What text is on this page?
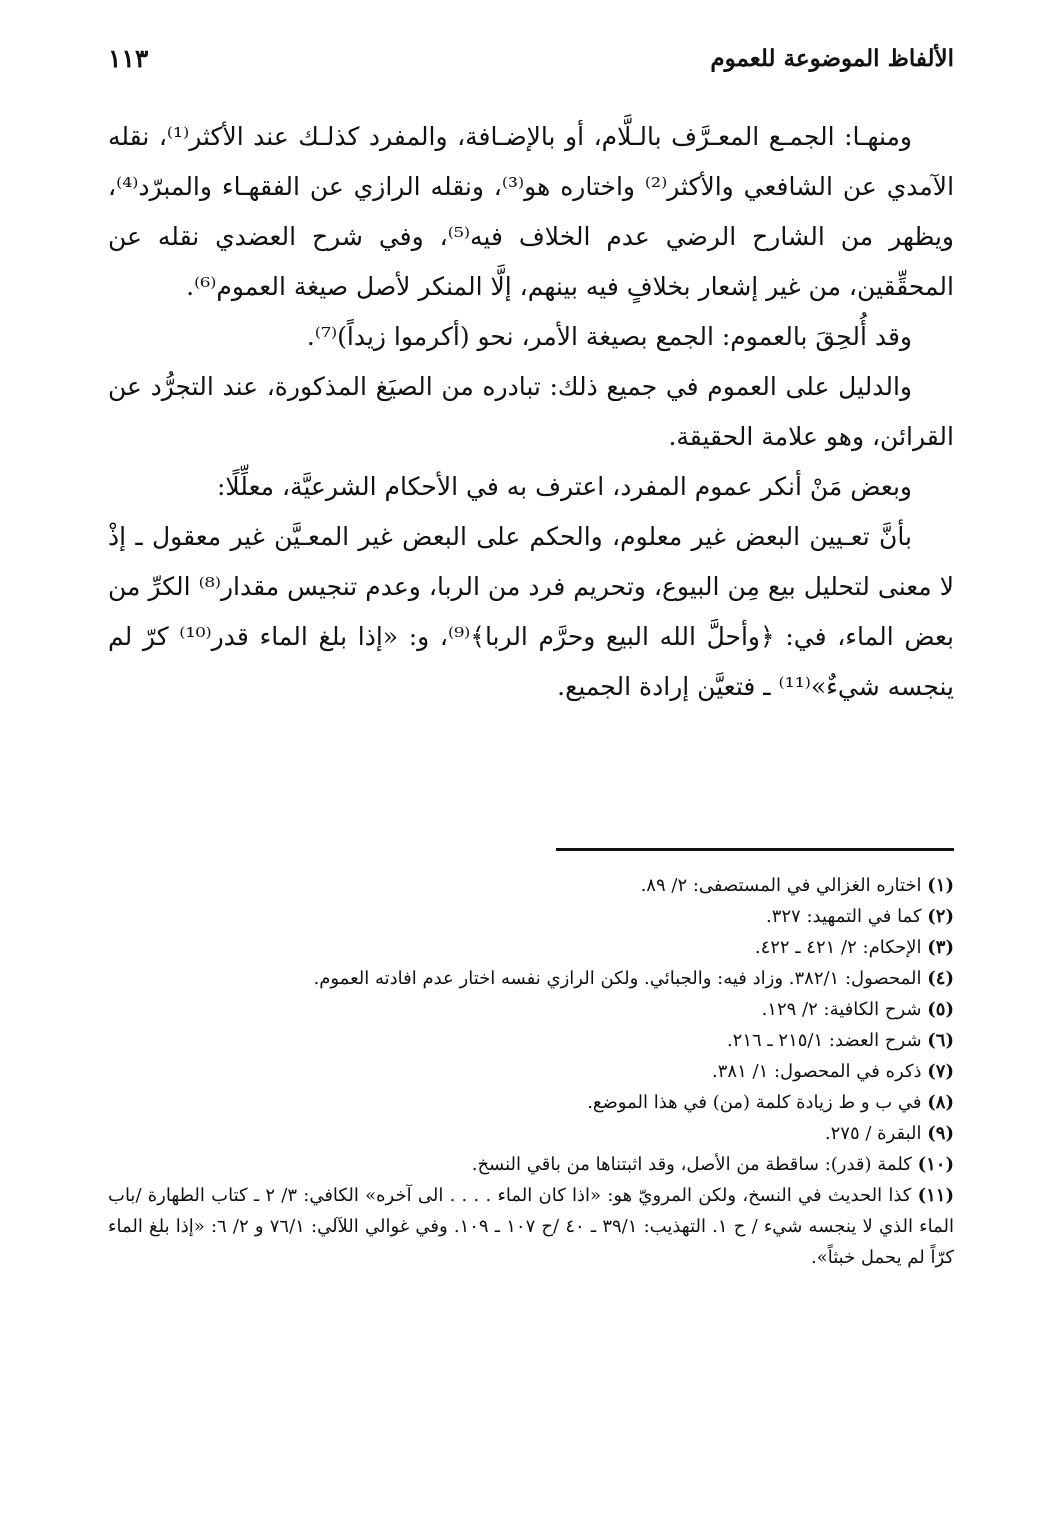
الألفاظ الموضوعة للعموم
١١٣

ومنهـا: الجمـع المعـرَّف بالـلَّام، أو بالإضـافة، والمفرد كذلـك عند الأكثر⁽¹⁾، نقله الآمدي عن الشافعي والأكثر⁽²⁾ واختاره هو⁽³⁾، ونقله الرازي عن الفقهـاء والمبرّد⁽⁴⁾، ويظهر من الشارح الرضي عدم الخلاف فيه⁽⁵⁾، وفي شرح العضدي نقله عن المحقِّقين، من غير إشعار بخلافٍ فيه بينهم، إلَّا المنكر لأصل صيغة العموم⁽⁶⁾.

وقد أُلحِقَ بالعموم: الجمع بصيغة الأمر، نحو (أكرموا زيداً)⁽⁷⁾.

والدليل على العموم في جميع ذلك: تبادره من الصيَغ المذكورة، عند التجرُّد عن القرائن، وهو علامة الحقيقة.

وبعض مَنْ أنكر عموم المفرد، اعترف به في الأحكام الشرعيَّة، معلِّلًا:

بأنَّ تعـيين البعض غير معلوم، والحكم على البعض غير المعـيَّن غير معقول ـ إذْ لا معنى لتحليل بيع مِن البيوع، وتحريم فرد من الربا، وعدم تنجيس مقدار⁽⁸⁾ الكرِّ من بعض الماء، في: ﴿وأحلَّ الله البيع وحرَّم الربا﴾⁽⁹⁾، و: «إذا بلغ الماء قدر⁽¹⁰⁾ كرّ لم ينجسه شيءٌ»⁽¹¹⁾ ـ فتعيَّن إرادة الجميع.

(١) اختاره الغزالي في المستصفى: ٢/ ٨٩.

(٢) كما في التمهيد: ٣٢٧.

(٣) الإحكام: ٢/ ٤٢١ ـ ٤٢٢.

(٤) المحصول: ٣٨٢/١. وزاد فيه: والجبائي. ولكن الرازي نفسه اختار عدم افادته العموم.

(٥) شرح الكافية: ٢/ ١٢٩.

(٦) شرح العضد: ٢١٥/١ ـ ٢١٦.

(٧) ذكره في المحصول: ١/ ٣٨١.

(٨) في ب و ط زيادة كلمة (من) في هذا الموضع.

(٩) البقرة / ٢٧٥.

(١٠) كلمة (قدر): ساقطة من الأصل، وقد اثبتناها من باقي النسخ.

(١١) كذا الحديث في النسخ، ولكن المرويّ هو: «اذا كان الماء . . . . الى آخره» الكافي: ٣/ ٢ ـ كتاب الطهارة /باب الماء الذي لا ينجسه شيء / ح ١. التهذيب: ٣٩/١ ـ ٤٠ /ح ١٠٧ ـ ١٠٩. وفي غوالي اللآلي: ٧٦/١ و ٢/ ٦: «إذا بلغ الماء كرّاً لم يحمل خبثاً».
